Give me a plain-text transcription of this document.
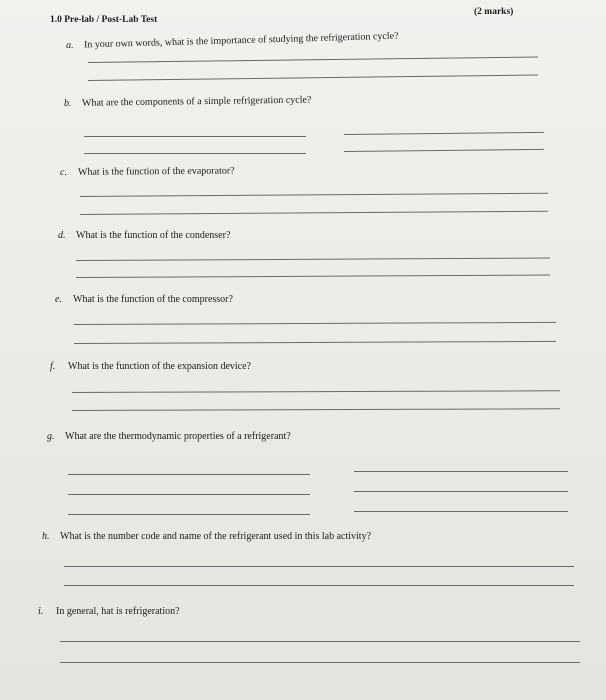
1.0 Pre-lab / Post-Lab Test
(2 marks)
a. In your own words, what is the importance of studying the refrigeration cycle?
b. What are the components of a simple refrigeration cycle?
c. What is the function of the evaporator?
d. What is the function of the condenser?
e. What is the function of the compressor?
f. What is the function of the expansion device?
g. What are the thermodynamic properties of a refrigerant?
h. What is the number code and name of the refrigerant used in this lab activity?
i. In general, hat is refrigeration?
